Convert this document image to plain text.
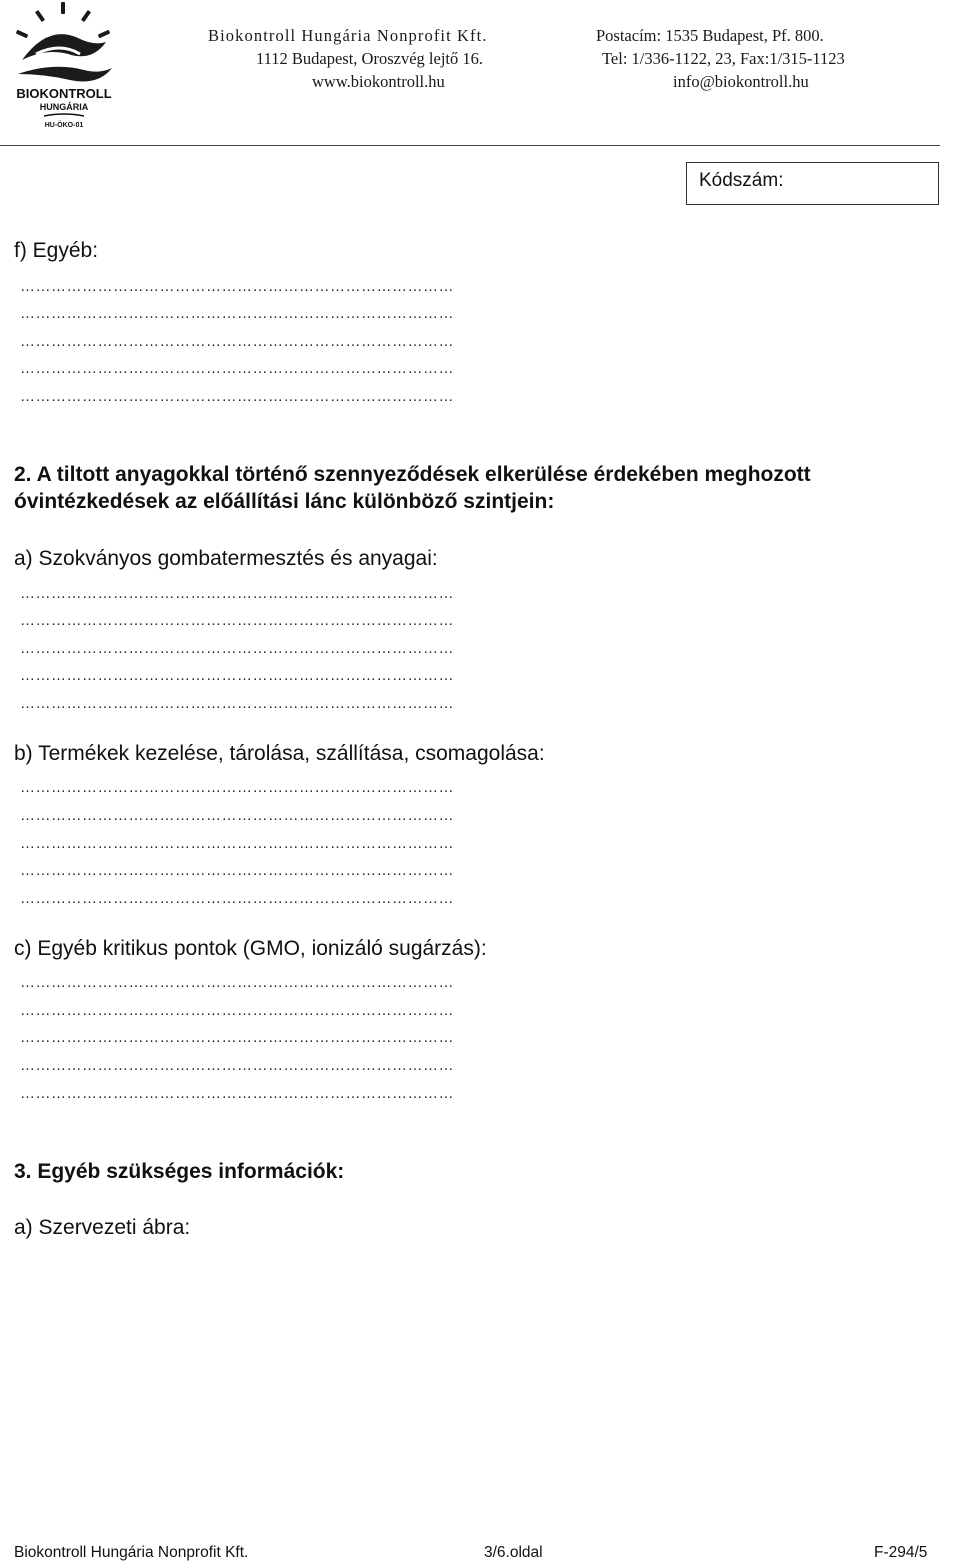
BIOKONTROLL
HUNGÁRIA
HU-ÖKO-01
Biokontroll Hungária Nonprofit Kft.
1112 Budapest, Oroszvég lejtő 16.
www.biokontroll.hu
Postacím: 1535 Budapest, Pf. 800.
Tel: 1/336-1122, 23, Fax:1/315-1123
info@biokontroll.hu
Kódszám:
f) Egyéb:
…………………………………………………………………………
…………………………………………………………………………
…………………………………………………………………………
…………………………………………………………………………
…………………………………………………………………………
2. A tiltott anyagokkal történő szennyeződések elkerülése érdekében meghozott
óvintézkedések az előállítási lánc különböző szintjein:
a) Szokványos gombatermesztés és anyagai:
…………………………………………………………………………
…………………………………………………………………………
…………………………………………………………………………
…………………………………………………………………………
…………………………………………………………………………
b) Termékek kezelése, tárolása, szállítása, csomagolása:
…………………………………………………………………………
…………………………………………………………………………
…………………………………………………………………………
…………………………………………………………………………
…………………………………………………………………………
c) Egyéb kritikus pontok (GMO, ionizáló sugárzás):
…………………………………………………………………………
…………………………………………………………………………
…………………………………………………………………………
…………………………………………………………………………
…………………………………………………………………………
3. Egyéb szükséges információk:
a) Szervezeti ábra:
Biokontroll Hungária Nonprofit Kft.	3/6.oldal	F-294/5
